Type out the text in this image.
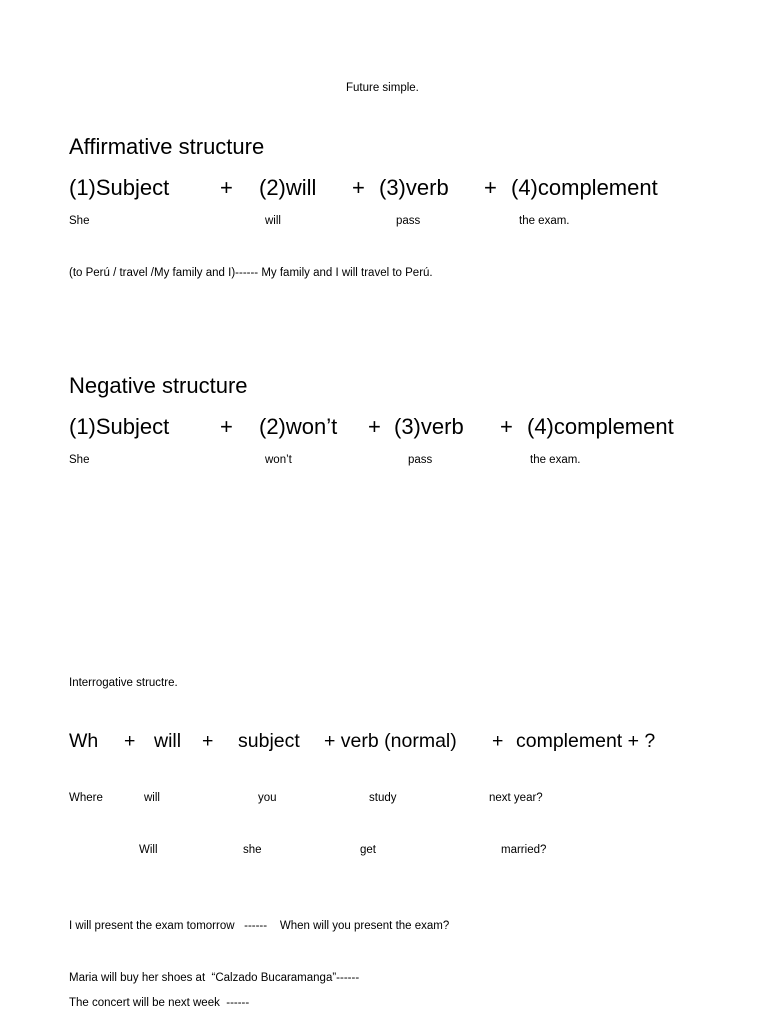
Future simple.
Affirmative structure
(1)Subject + (2)will + (3)verb + (4)complement
She	will	pass	the exam.
(to Perú / travel /My family and I)------ My family and I will travel to Perú.
Negative structure
(1)Subject + (2)won’t + (3)verb + (4)complement
She	won’t	pass	the exam.
Interrogative structre.
Wh + will + subject + verb (normal) + complement + ?
Where	will	you	study	next year?
Will	she	get	married?
I will present the exam tomorrow   ------    When will you present the exam?
Maria will buy her shoes at  “Calzado Bucaramanga”------
The concert will be next week  ------
